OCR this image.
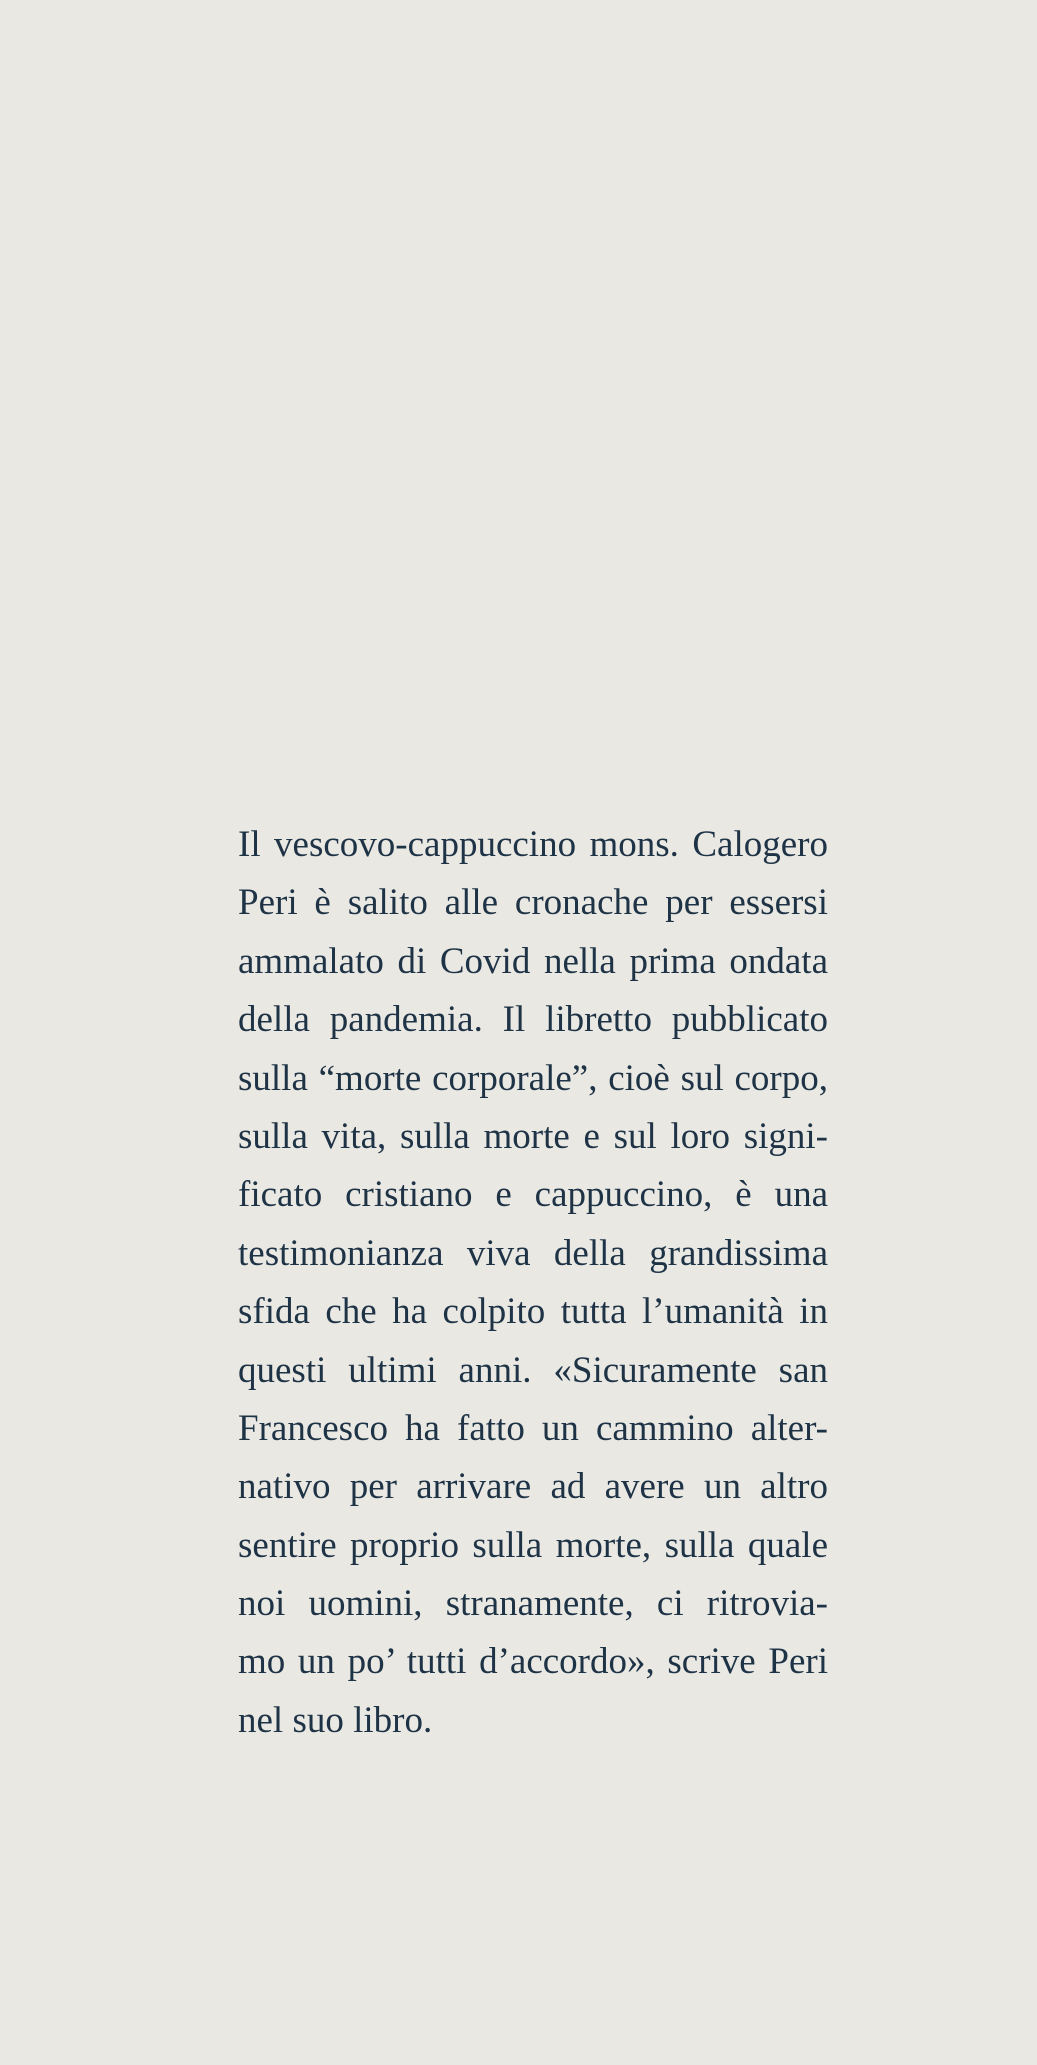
Il vescovo-cappuccino mons. Calogero
Peri è salito alle cronache per essersi
ammalato di Covid nella prima ondata
della pandemia. Il libretto pubblicato
sulla “morte corporale”, cioè sul corpo,
sulla vita, sulla morte e sul loro signi-
ficato cristiano e cappuccino, è una
testimonianza viva della grandissima
sfida che ha colpito tutta l’umanità in
questi ultimi anni. «Sicuramente san
Francesco ha fatto un cammino alter-
nativo per arrivare ad avere un altro
sentire proprio sulla morte, sulla quale
noi uomini, stranamente, ci ritrovia-
mo un po’ tutti d’accordo», scrive Peri
nel suo libro.
